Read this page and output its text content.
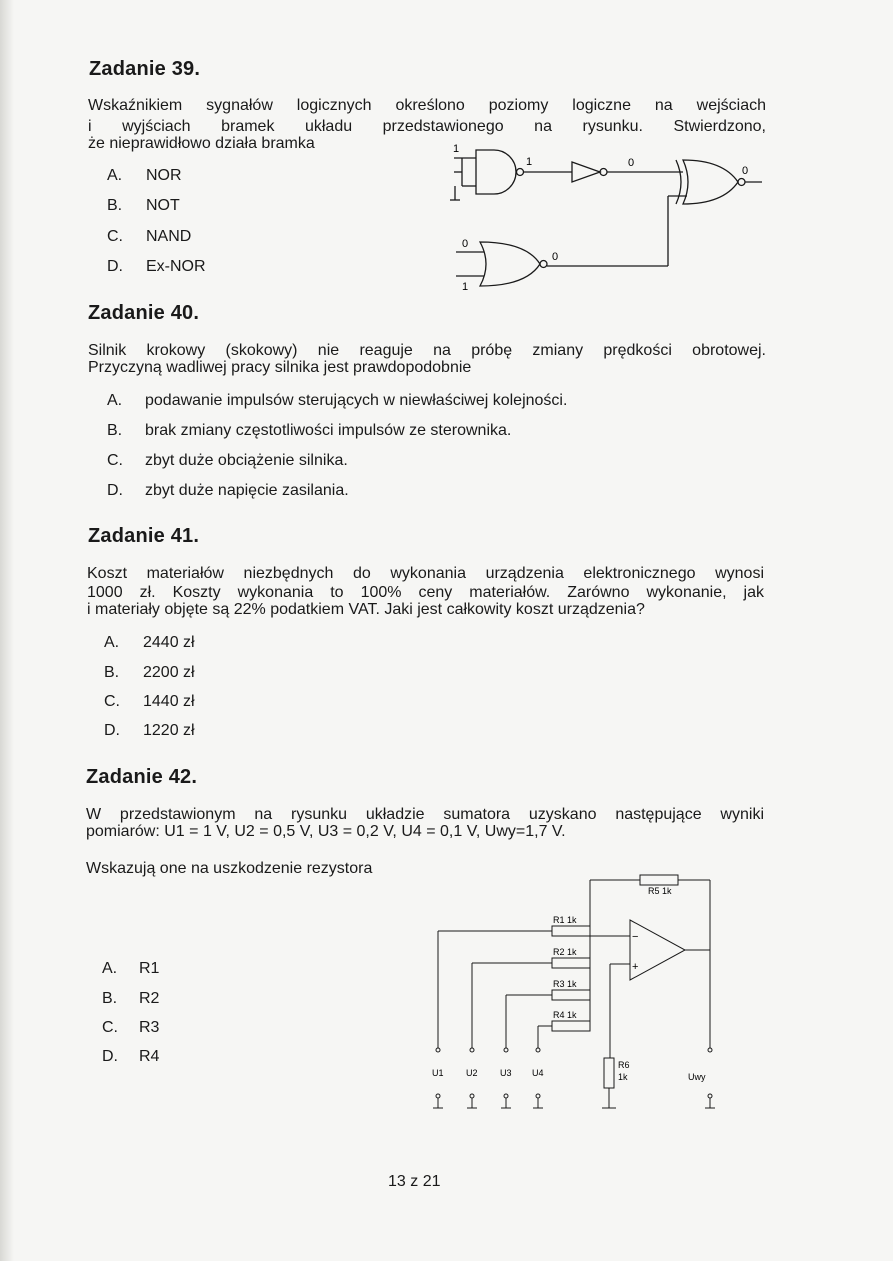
Zadanie 39.
Wskaźnikiem sygnałów logicznych określono poziomy logiczne na wejściach
i wyjściach bramek układu przedstawionego na rysunku. Stwierdzono,
że nieprawidłowo działa bramka
A. NOR
B. NOT
C. NAND
D. Ex-NOR
1
1	0
0
0
1
0
Zadanie 40.
Silnik krokowy (skokowy) nie reaguje na próbę zmiany prędkości obrotowej.
Przyczyną wadliwej pracy silnika jest prawdopodobnie
A. podawanie impulsów sterujących w niewłaściwej kolejności.
B. brak zmiany częstotliwości impulsów ze sterownika.
C. zbyt duże obciążenie silnika.
D. zbyt duże napięcie zasilania.
Zadanie 41.
Koszt materiałów niezbędnych do wykonania urządzenia elektronicznego wynosi
1000 zł. Koszty wykonania to 100% ceny materiałów. Zarówno wykonanie, jak
i materiały objęte są 22% podatkiem VAT. Jaki jest całkowity koszt urządzenia?
A. 2440 zł
B. 2200 zł
C. 1440 zł
D. 1220 zł
Zadanie 42.
W przedstawionym na rysunku układzie sumatora uzyskano następujące wyniki
pomiarów: U1 = 1 V, U2 = 0,5 V, U3 = 0,2 V, U4 = 0,1 V, Uwy=1,7 V.
Wskazują one na uszkodzenie rezystora
A. R1
B. R2
C. R3
D. R4
R5 1k
R1 1k
R2 1k
R3 1k
R4 1k
R6
1k
−
+
U1 U2 U3 U4	Uwy
13 z 21
